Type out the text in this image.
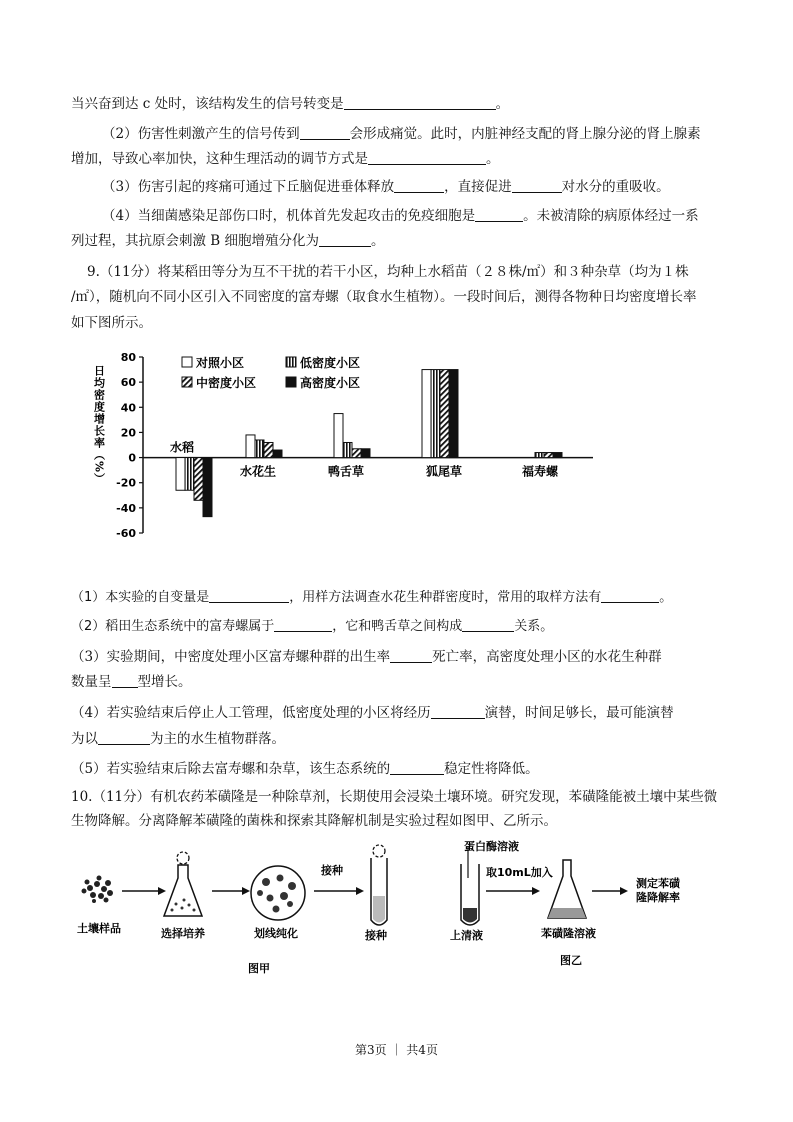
当兴奋到达 c 处时，该结构发生的信号转变是	。
（2）伤害性刺激产生的信号传到	会形成痛觉。此时，内脏神经支配的肾上腺分泌的肾上腺素
增加，导致心率加快，这种生理活动的调节方式是	。
（3）伤害引起的疼痛可通过下丘脑促进垂体释放	，直接促进	对水分的重吸收。
（4）当细菌感染足部伤口时，机体首先发起攻击的免疫细胞是	。未被清除的病原体经过一系
列过程，其抗原会刺激 B 细胞增殖分化为	。
9.（11分）将某稻田等分为互不干扰的若干小区，均种上水稻苗（２８株/㎡）和３种杂草（均为１株
/㎡），随机向不同小区引入不同密度的富寿螺（取食水生植物）。一段时间后，测得各物种日均密度增长率
如下图所示。
日均密度增长率（%）
80
60
40
20
0
-20
-40
-60
水稻
水花生	鸭舌草	狐尾草	福寿螺
对照小区	低密度小区
中密度小区	高密度小区
（1）本实验的自变量是	，用样方法调查水花生种群密度时，常用的取样方法有	。
（2）稻田生态系统中的富寿螺属于	，它和鸭舌草之间构成	关系。
（3）实验期间，中密度处理小区富寿螺种群的出生率	死亡率，高密度处理小区的水花生种群
数量呈 型增长。
（4）若实验结束后停止人工管理，低密度处理的小区将经历	演替，时间足够长，最可能演替
为以	为主的水生植物群落。
（5）若实验结束后除去富寿螺和杂草，该生态系统的	稳定性将降低。
10.（11分）有机农药苯磺隆是一种除草剂，长期使用会浸染土壤环境。研究发现，苯磺隆能被土壤中某些微
生物降解。分离降解苯磺隆的菌株和探索其降解机制是实验过程如图甲、乙所示。
土壤样品	选择培养	划线纯化
接种
接种
蛋白酶溶液
上清液
取10mL加入
苯磺隆溶液
测定苯磺
隆降解率
图甲
图乙
第3页 ｜ 共4页
